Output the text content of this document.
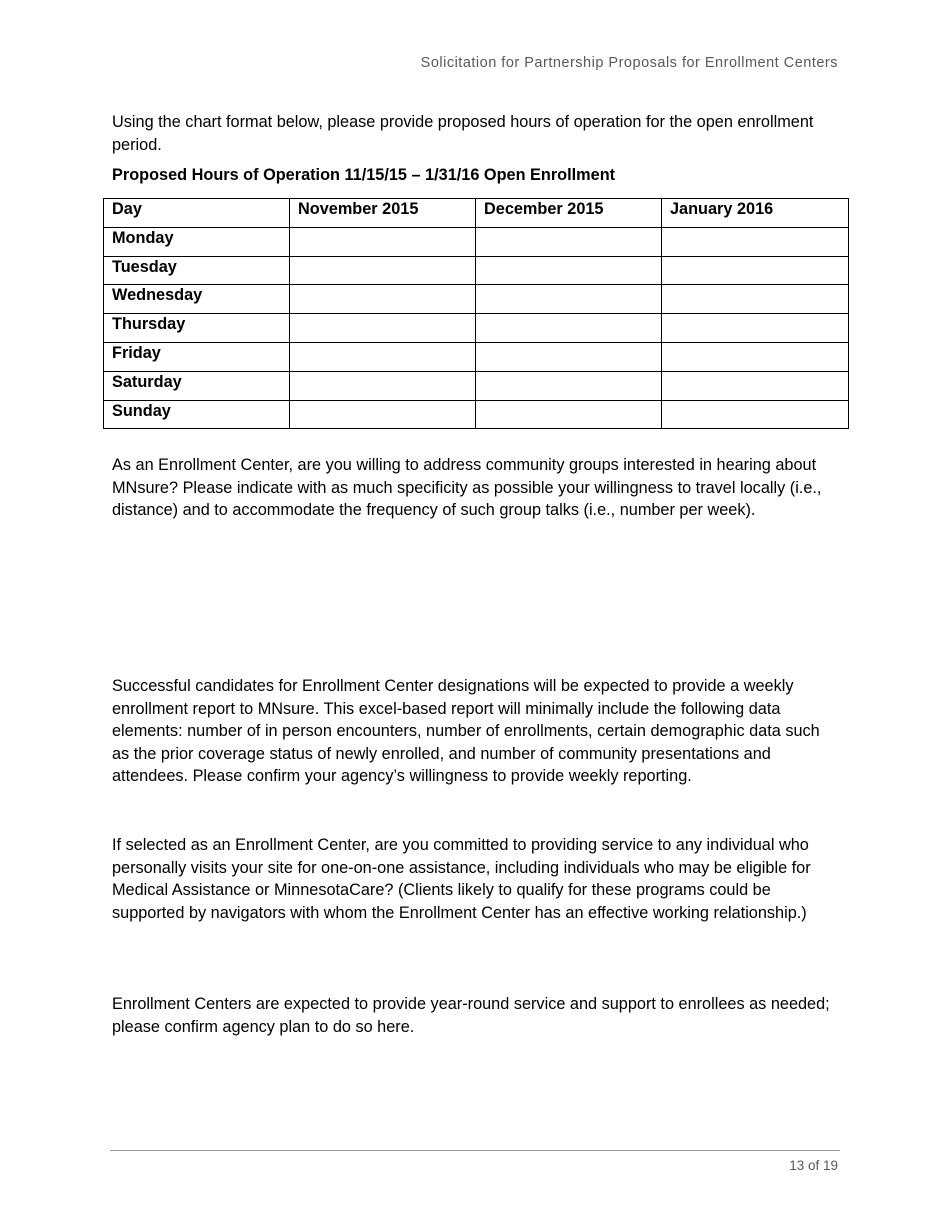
Solicitation for Partnership Proposals for Enrollment Centers

Using the chart format below, please provide proposed hours of operation for the open enrollment period.

Proposed Hours of Operation 11/15/15 – 1/31/16 Open Enrollment

Day	November 2015	December 2015	January 2016
Monday			
Tuesday			
Wednesday			
Thursday			
Friday			
Saturday			
Sunday			

As an Enrollment Center, are you willing to address community groups interested in hearing about MNsure? Please indicate with as much specificity as possible your willingness to travel locally (i.e., distance) and to accommodate the frequency of such group talks (i.e., number per week).

Successful candidates for Enrollment Center designations will be expected to provide a weekly enrollment report to MNsure. This excel-based report will minimally include the following data elements: number of in person encounters, number of enrollments, certain demographic data such as the prior coverage status of newly enrolled, and number of community presentations and attendees. Please confirm your agency’s willingness to provide weekly reporting.

If selected as an Enrollment Center, are you committed to providing service to any individual who personally visits your site for one-on-one assistance, including individuals who may be eligible for Medical Assistance or MinnesotaCare? (Clients likely to qualify for these programs could be supported by navigators with whom the Enrollment Center has an effective working relationship.)

Enrollment Centers are expected to provide year-round service and support to enrollees as needed; please confirm agency plan to do so here.

13 of 19
